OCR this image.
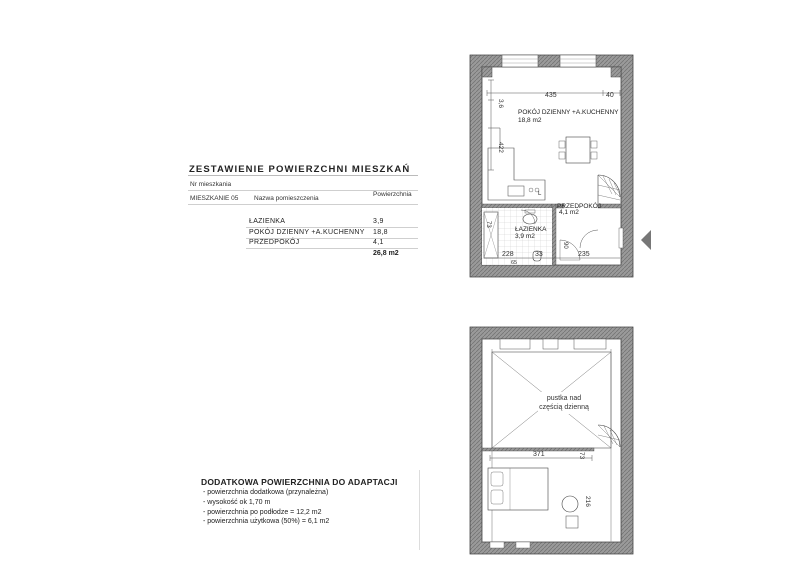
ZESTAWIENIE POWIERZCHNI MIESZKAŃ
Nr mieszkania
Nazwa pomieszczenia
Powierzchnia
MIESZKANIE 05
ŁAZIENKA	3,9
POKÓJ DZIENNY +A.KUCHENNY 18,8
PRZEDPOKÓJ	4,1
26,8 m2
DODATKOWA POWIERZCHNIA DO ADAPTACJI
- powierzchnia dodatkowa (przynależna)
- wysokość ok 1,70 m
- powierzchnia po podłodze = 12,2 m2
- powierzchnia użytkowa (50%) = 6,1 m2
435	40
3,6
422
POKÓJ DZIENNY +A.KUCHENNY
18,8 m2
PRZEDPOKÓJ
4,1 m2
ŁAZIENKA
3,9 m2
L
228	33	235
73
90
65
pustka nad
częścią dzienną
371	73
216
